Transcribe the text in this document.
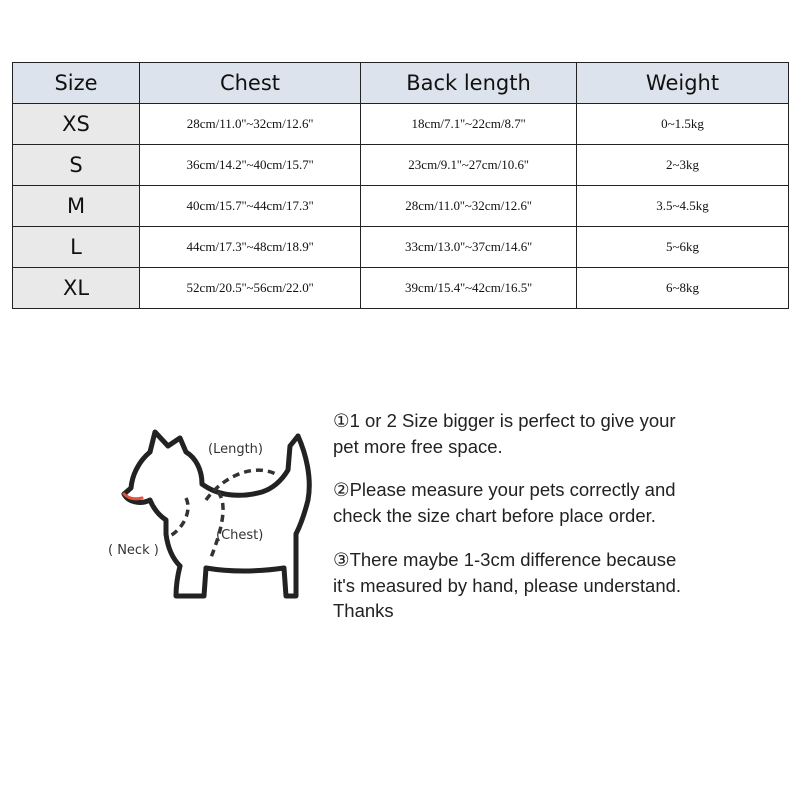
Size	Chest	Back length	Weight
XS	28cm/11.0''~32cm/12.6''	18cm/7.1''~22cm/8.7''	0~1.5kg
S	36cm/14.2''~40cm/15.7''	23cm/9.1''~27cm/10.6''	2~3kg
M	40cm/15.7''~44cm/17.3''	28cm/11.0''~32cm/12.6''	3.5~4.5kg
L	44cm/17.3''~48cm/18.9''	33cm/13.0''~37cm/14.6''	5~6kg
XL	52cm/20.5''~56cm/22.0''	39cm/15.4''~42cm/16.5''	6~8kg
(Length)
(Chest)
( Neck )

①1 or 2 Size bigger is perfect to give your pet more free space.

②Please measure your pets correctly and check the size chart before place order.

③There maybe 1-3cm difference because it's measured by hand, please understand. Thanks
